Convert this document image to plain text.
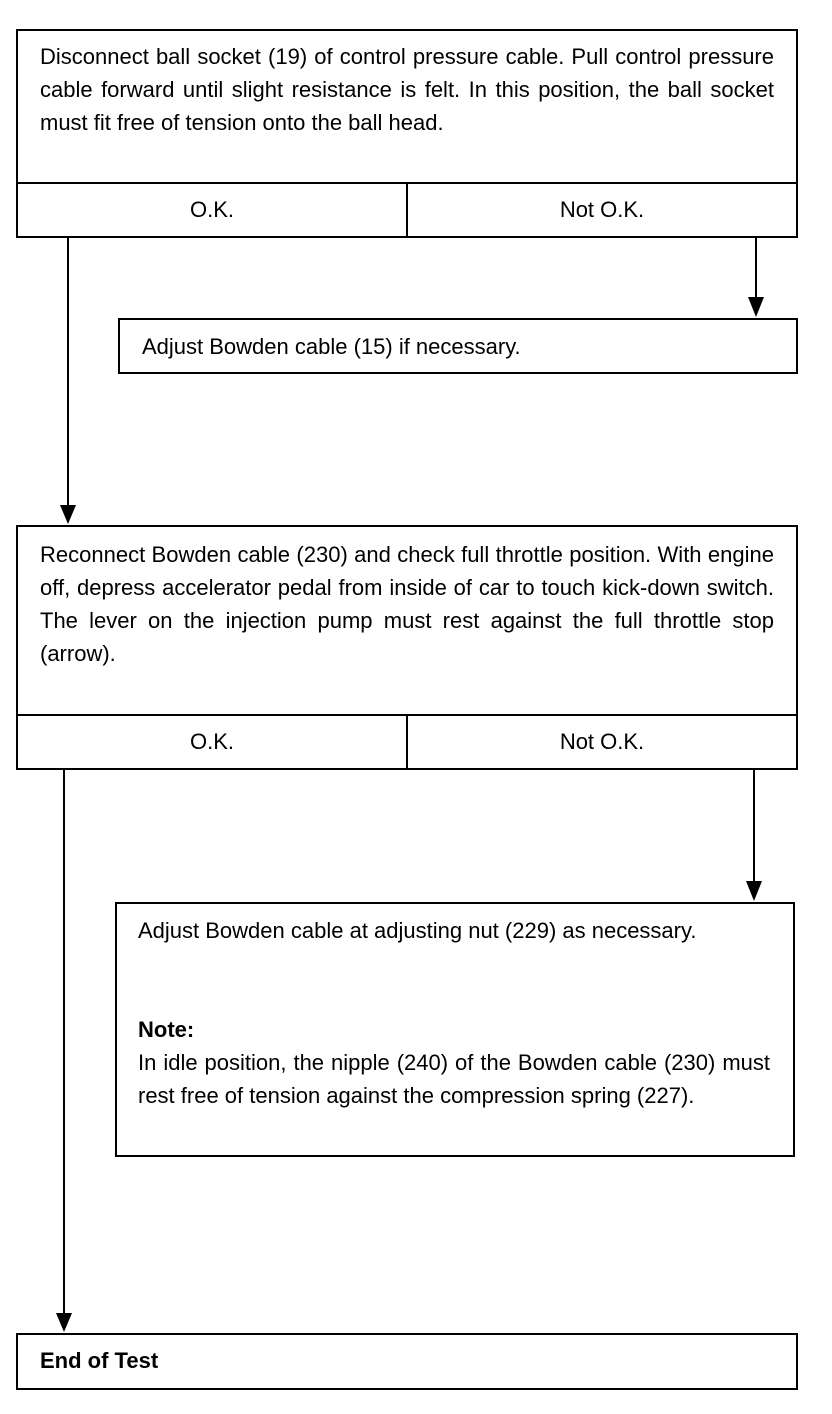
Disconnect ball socket (19) of control pressure cable. Pull control pressure cable forward until slight resistance is felt. In this position, the ball socket must fit free of tension onto the ball head.
O.K.	Not O.K.
Adjust Bowden cable (15) if necessary.
Reconnect Bowden cable (230) and check full throttle position. With engine off, depress accelerator pedal from inside of car to touch kick-down switch. The lever on the injection pump must rest against the full throttle stop (arrow).
O.K.	Not O.K.
Adjust Bowden cable at adjusting nut (229) as necessary.
Note:
In idle position, the nipple (240) of the Bowden cable (230) must rest free of tension against the compression spring (227).
End of Test
